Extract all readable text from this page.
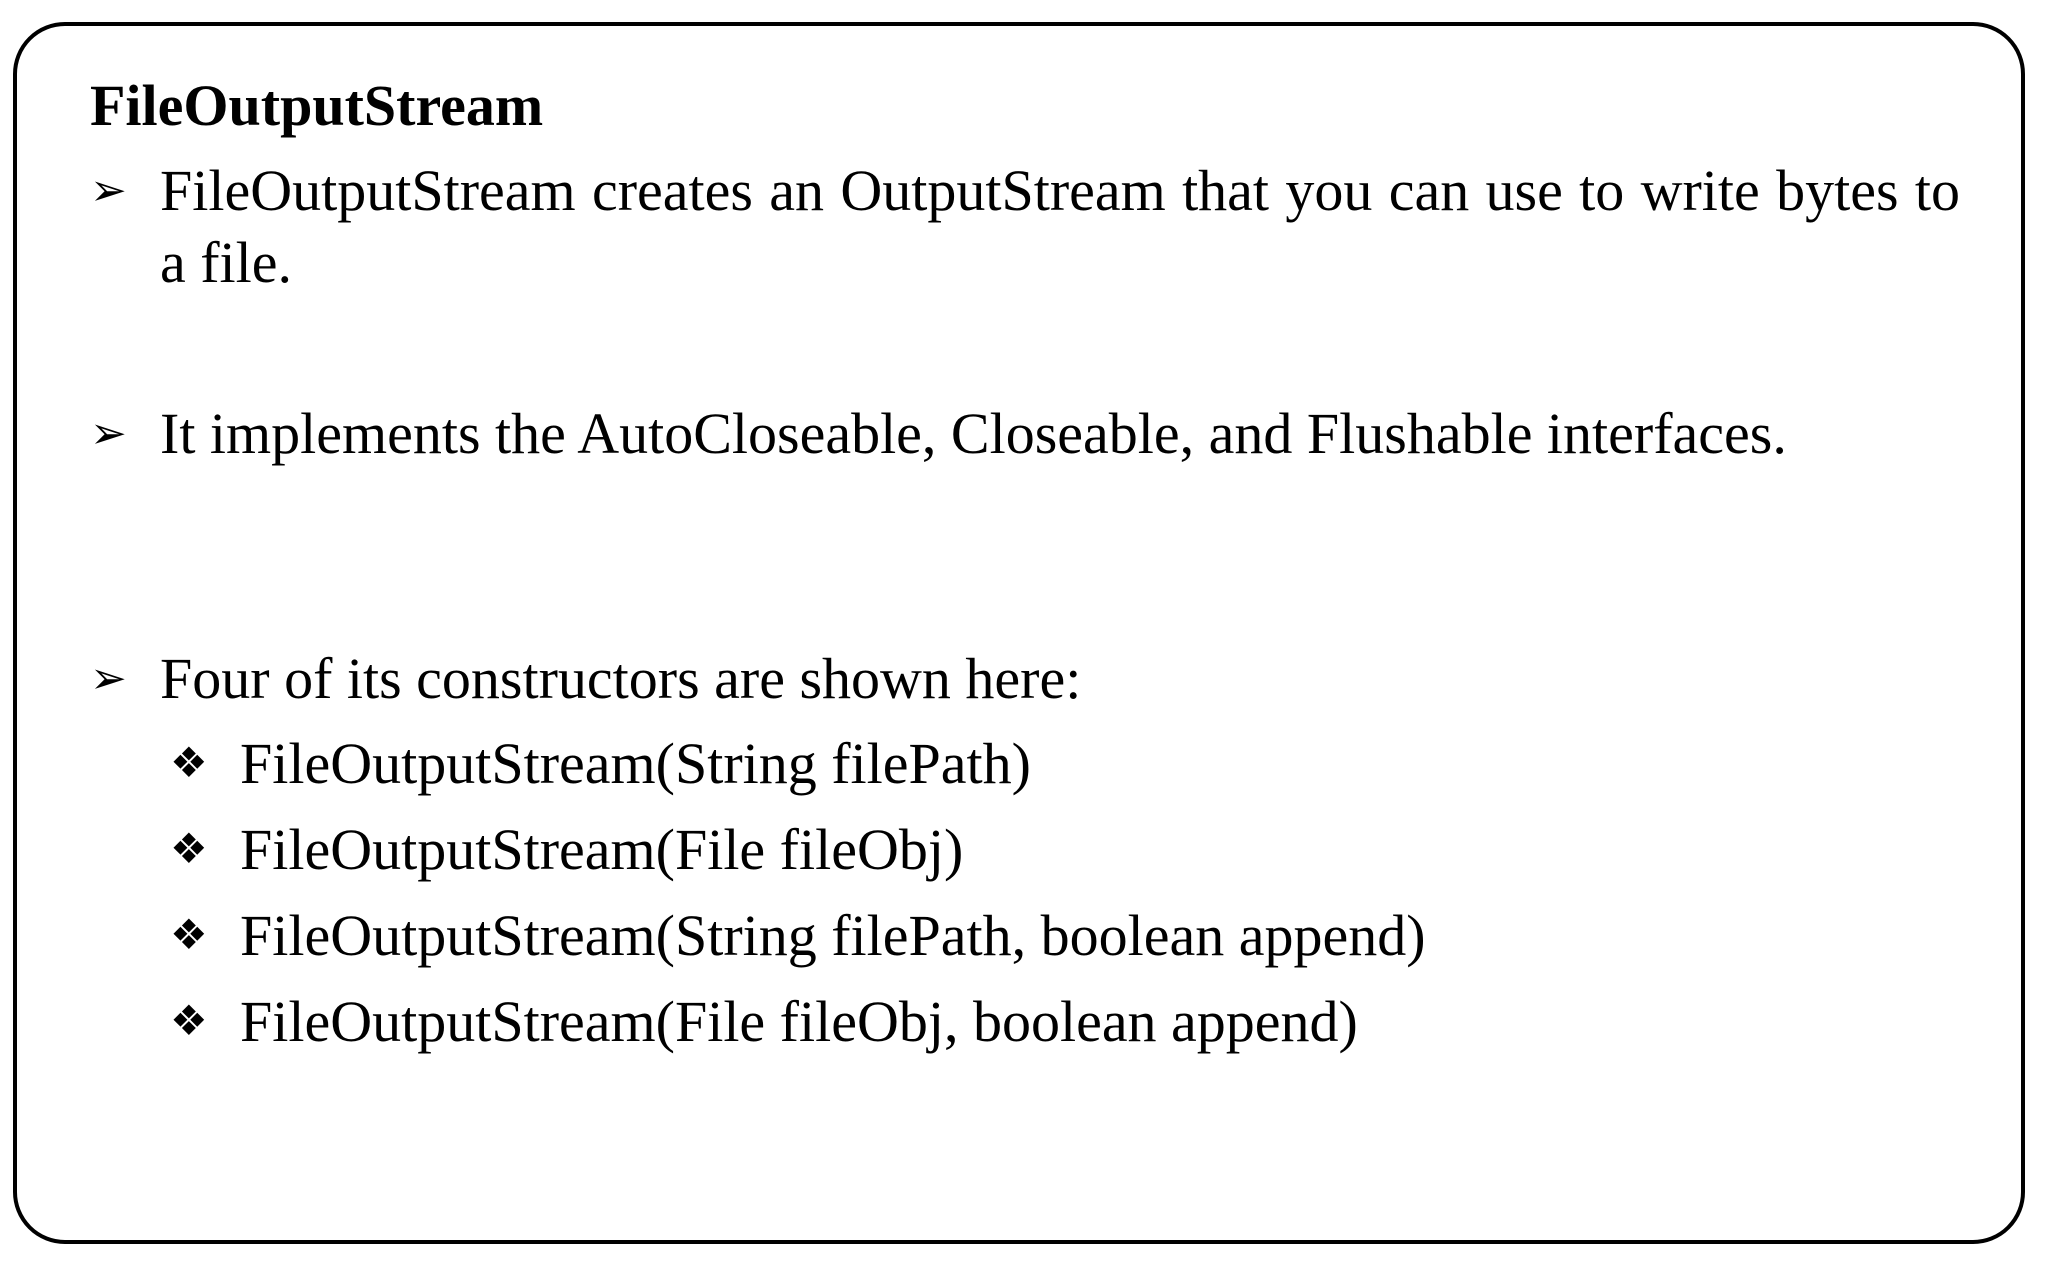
FileOutputStream
➢ FileOutputStream creates an OutputStream that you can use to write bytes to a file.
➢ It implements the AutoCloseable, Closeable, and Flushable interfaces.
➢ Four of its constructors are shown here:
❖ FileOutputStream(String filePath)
❖ FileOutputStream(File fileObj)
❖ FileOutputStream(String filePath, boolean append)
❖ FileOutputStream(File fileObj, boolean append)
